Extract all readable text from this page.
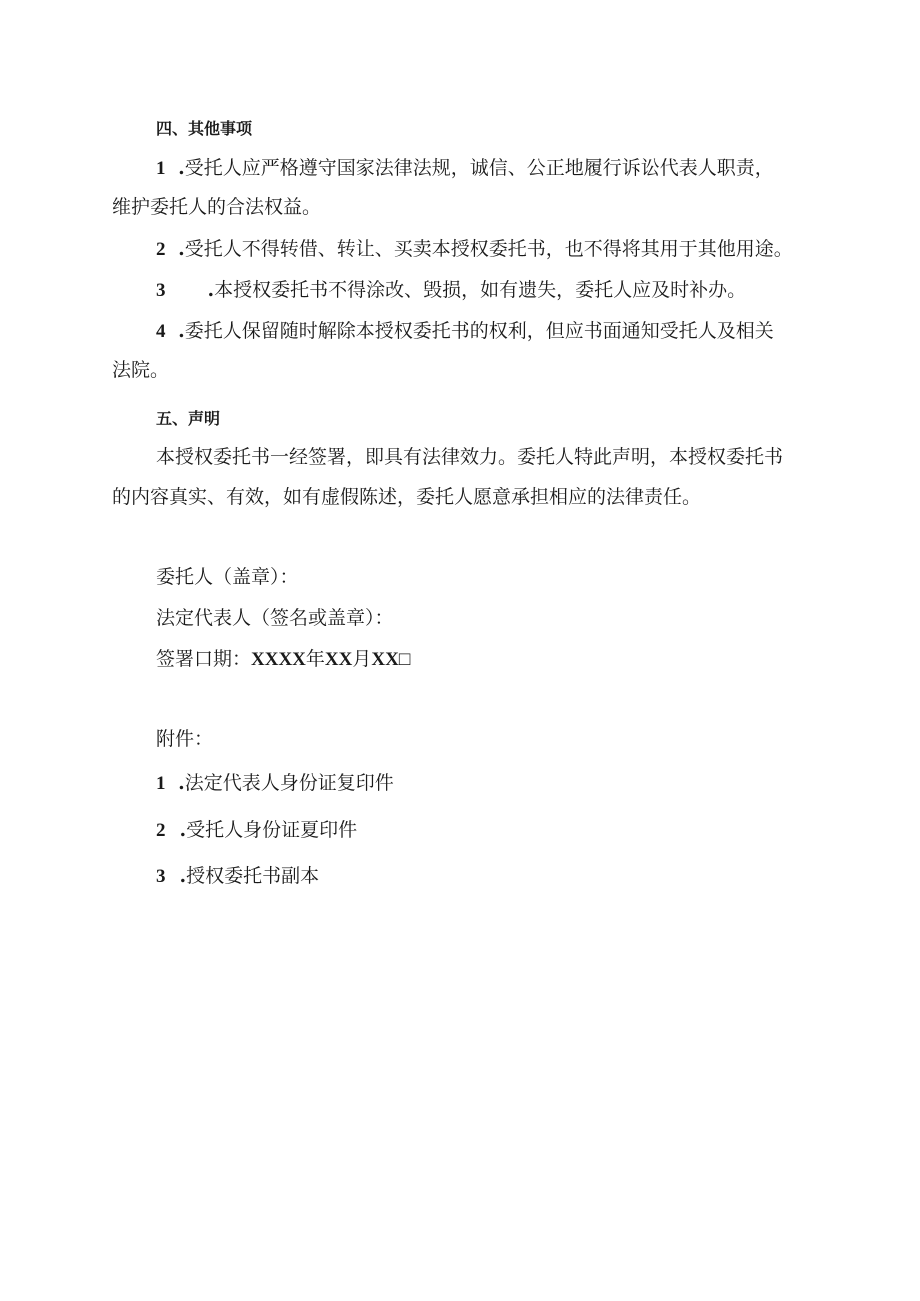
四、其他事项
1  .受托人应严格遵守国家法律法规，诚信、公正地履行诉讼代表人职责，
维护委托人的合法权益。
2  .受托人不得转借、转让、买卖本授权委托书，也不得将其用于其他用途。
3 .本授权委托书不得涂改、毁损，如有遗失，委托人应及时补办。
4  .委托人保留随时解除本授权委托书的权利，但应书面通知受托人及相关
法院。
五、声明
本授权委托书一经签署，即具有法律效力。委托人特此声明，本授权委托书
的内容真实、有效，如有虚假陈述，委托人愿意承担相应的法律责任。
委托人（盖章）：
法定代表人（签名或盖章）：
签署口期：XXXX年XX月XX□
附件：
1  .法定代表人身份证复印件
2 .受托人身份证夏印件
3 .授权委托书副本
